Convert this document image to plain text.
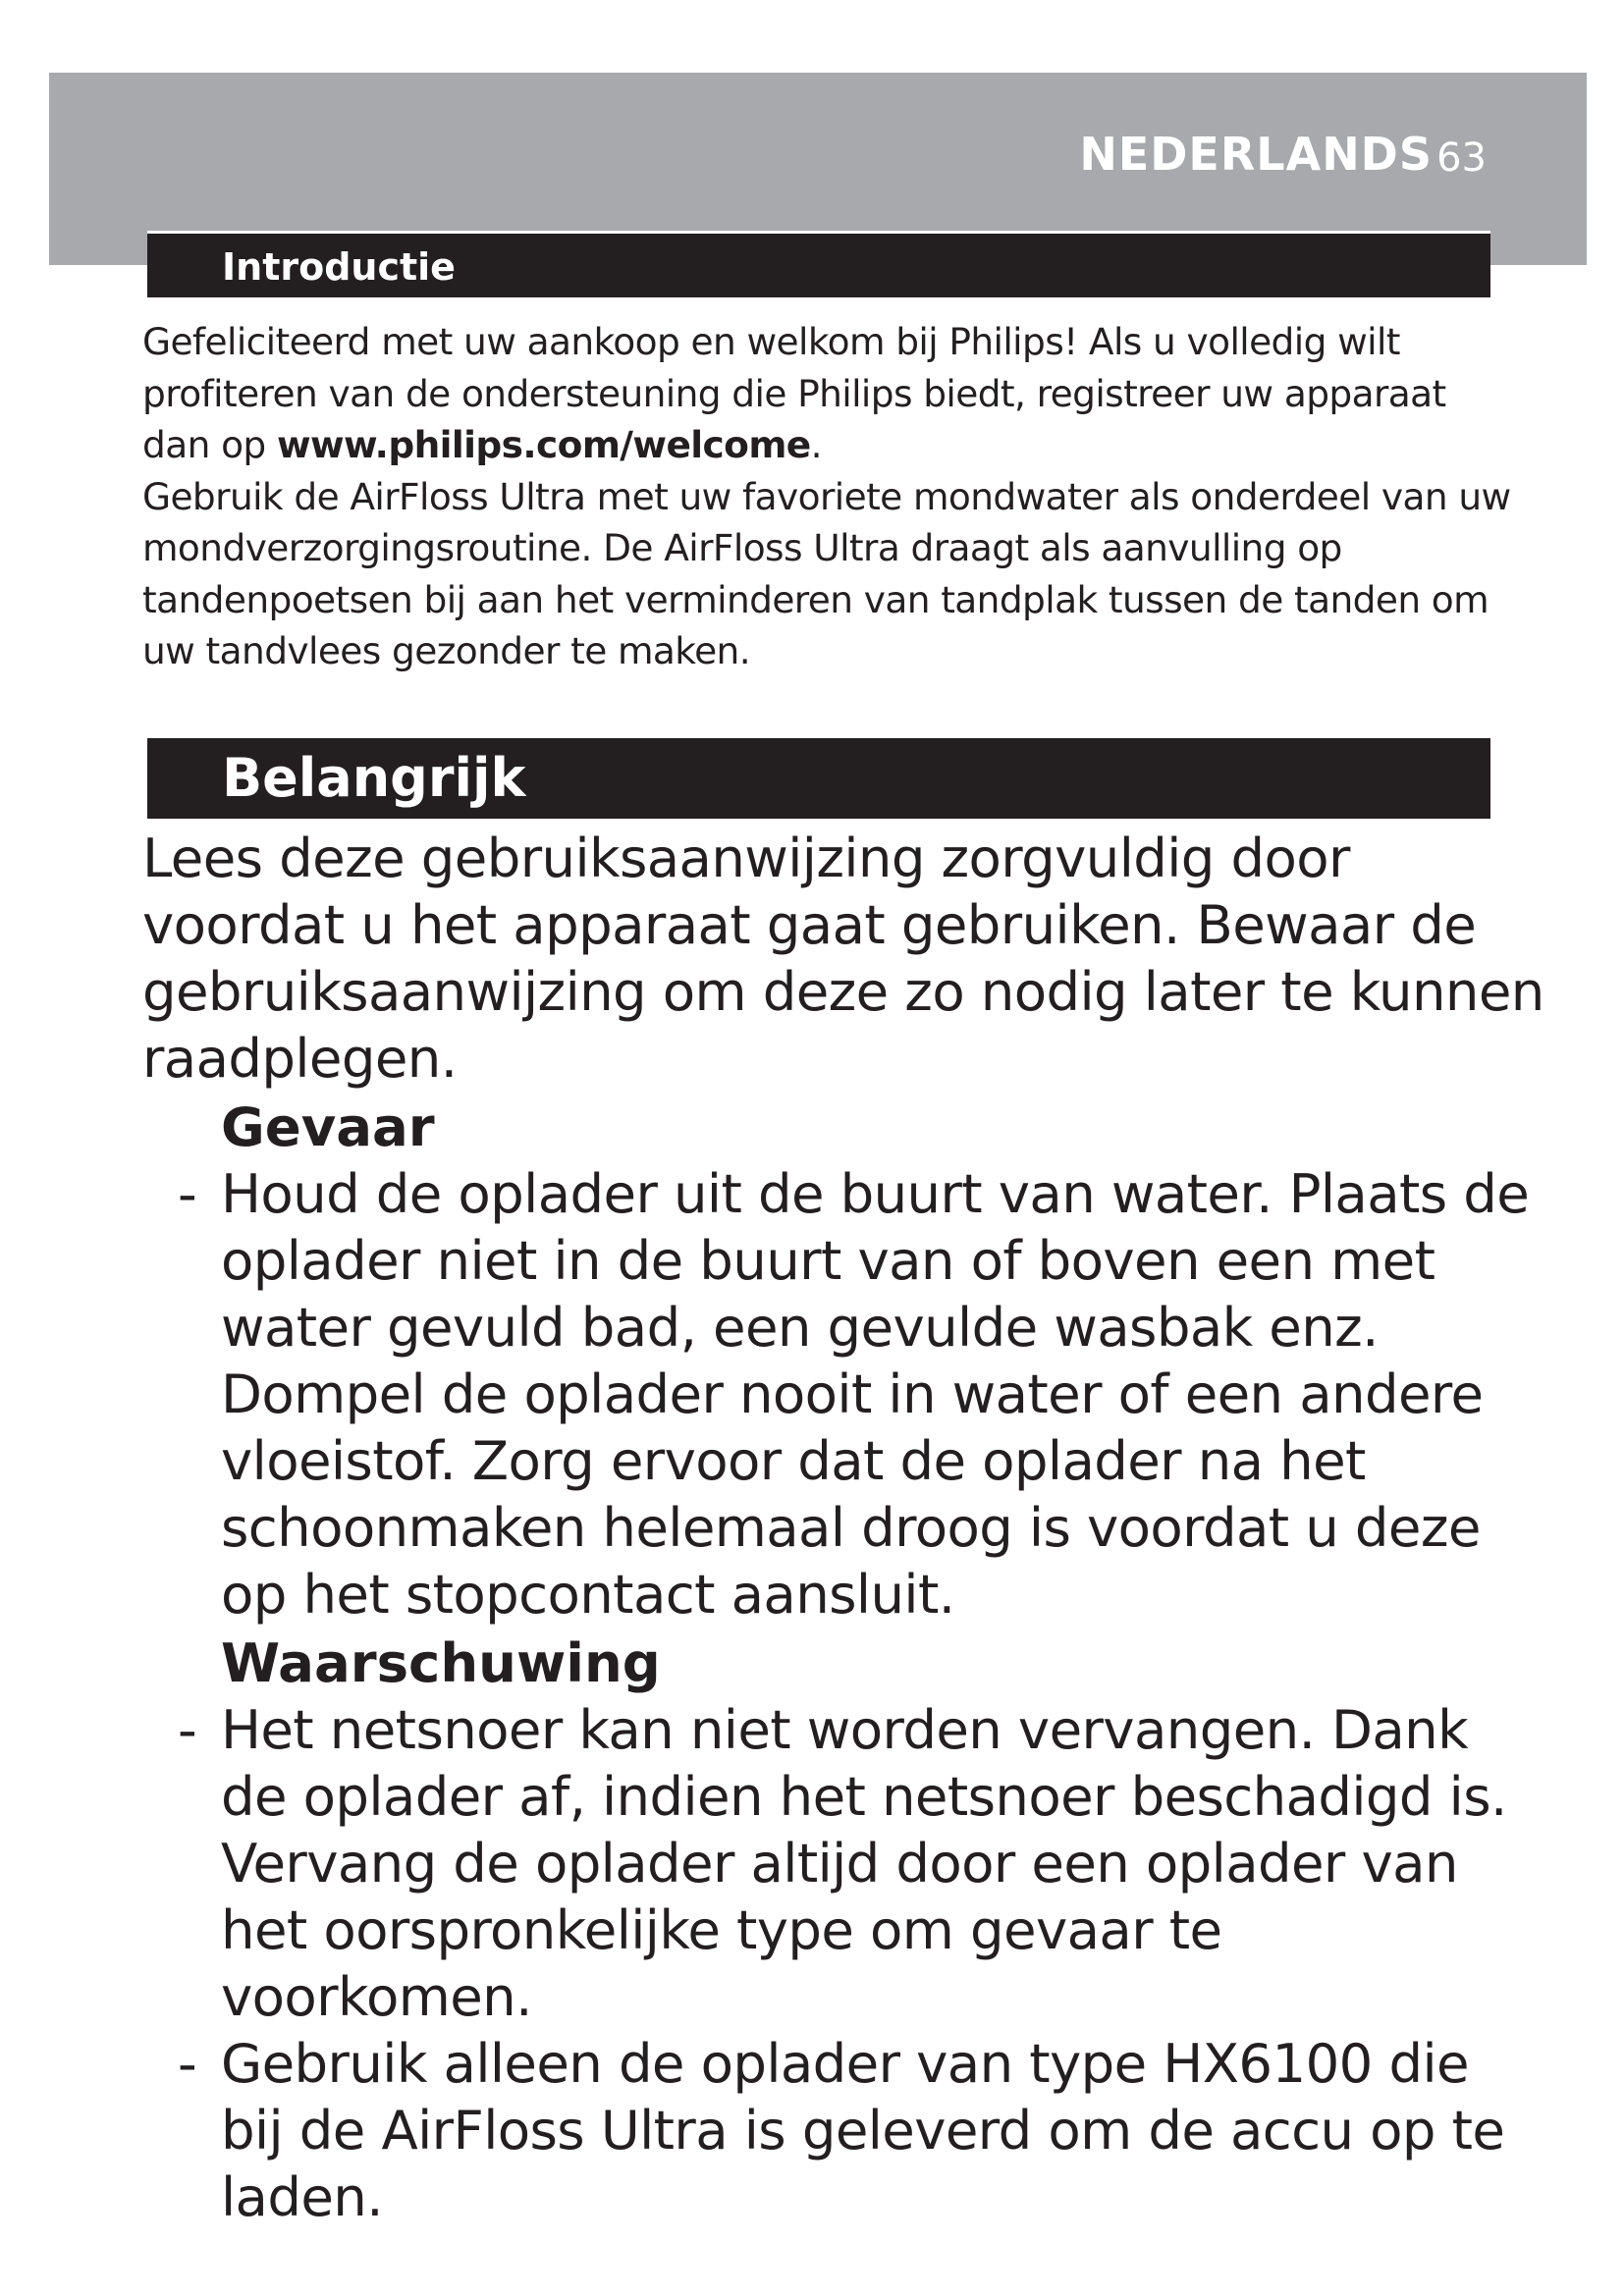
NEDERLANDS 63
Introductie

Gefeliciteerd met uw aankoop en welkom bij Philips! Als u volledig wilt profiteren van de ondersteuning die Philips biedt, registreer uw apparaat dan op www.philips.com/welcome.

Gebruik de AirFloss Ultra met uw favoriete mondwater als onderdeel van uw mondverzorgingsroutine. De AirFloss Ultra draagt als aanvulling op tandenpoetsen bij aan het verminderen van tandplak tussen de tanden om uw tandvlees gezonder te maken.

Belangrijk

Lees deze gebruiksaanwijzing zorgvuldig door voordat u het apparaat gaat gebruiken. Bewaar de gebruiksaanwijzing om deze zo nodig later te kunnen raadplegen.

Gevaar

- Houd de oplader uit de buurt van water. Plaats de oplader niet in de buurt van of boven een met water gevuld bad, een gevulde wasbak enz. Dompel de oplader nooit in water of een andere vloeistof. Zorg ervoor dat de oplader na het schoonmaken helemaal droog is voordat u deze op het stopcontact aansluit.

Waarschuwing

- Het netsnoer kan niet worden vervangen. Dank de oplader af, indien het netsnoer beschadigd is. Vervang de oplader altijd door een oplader van het oorspronkelijke type om gevaar te voorkomen.
- Gebruik alleen de oplader van type HX6100 die bij de AirFloss Ultra is geleverd om de accu op te laden.
